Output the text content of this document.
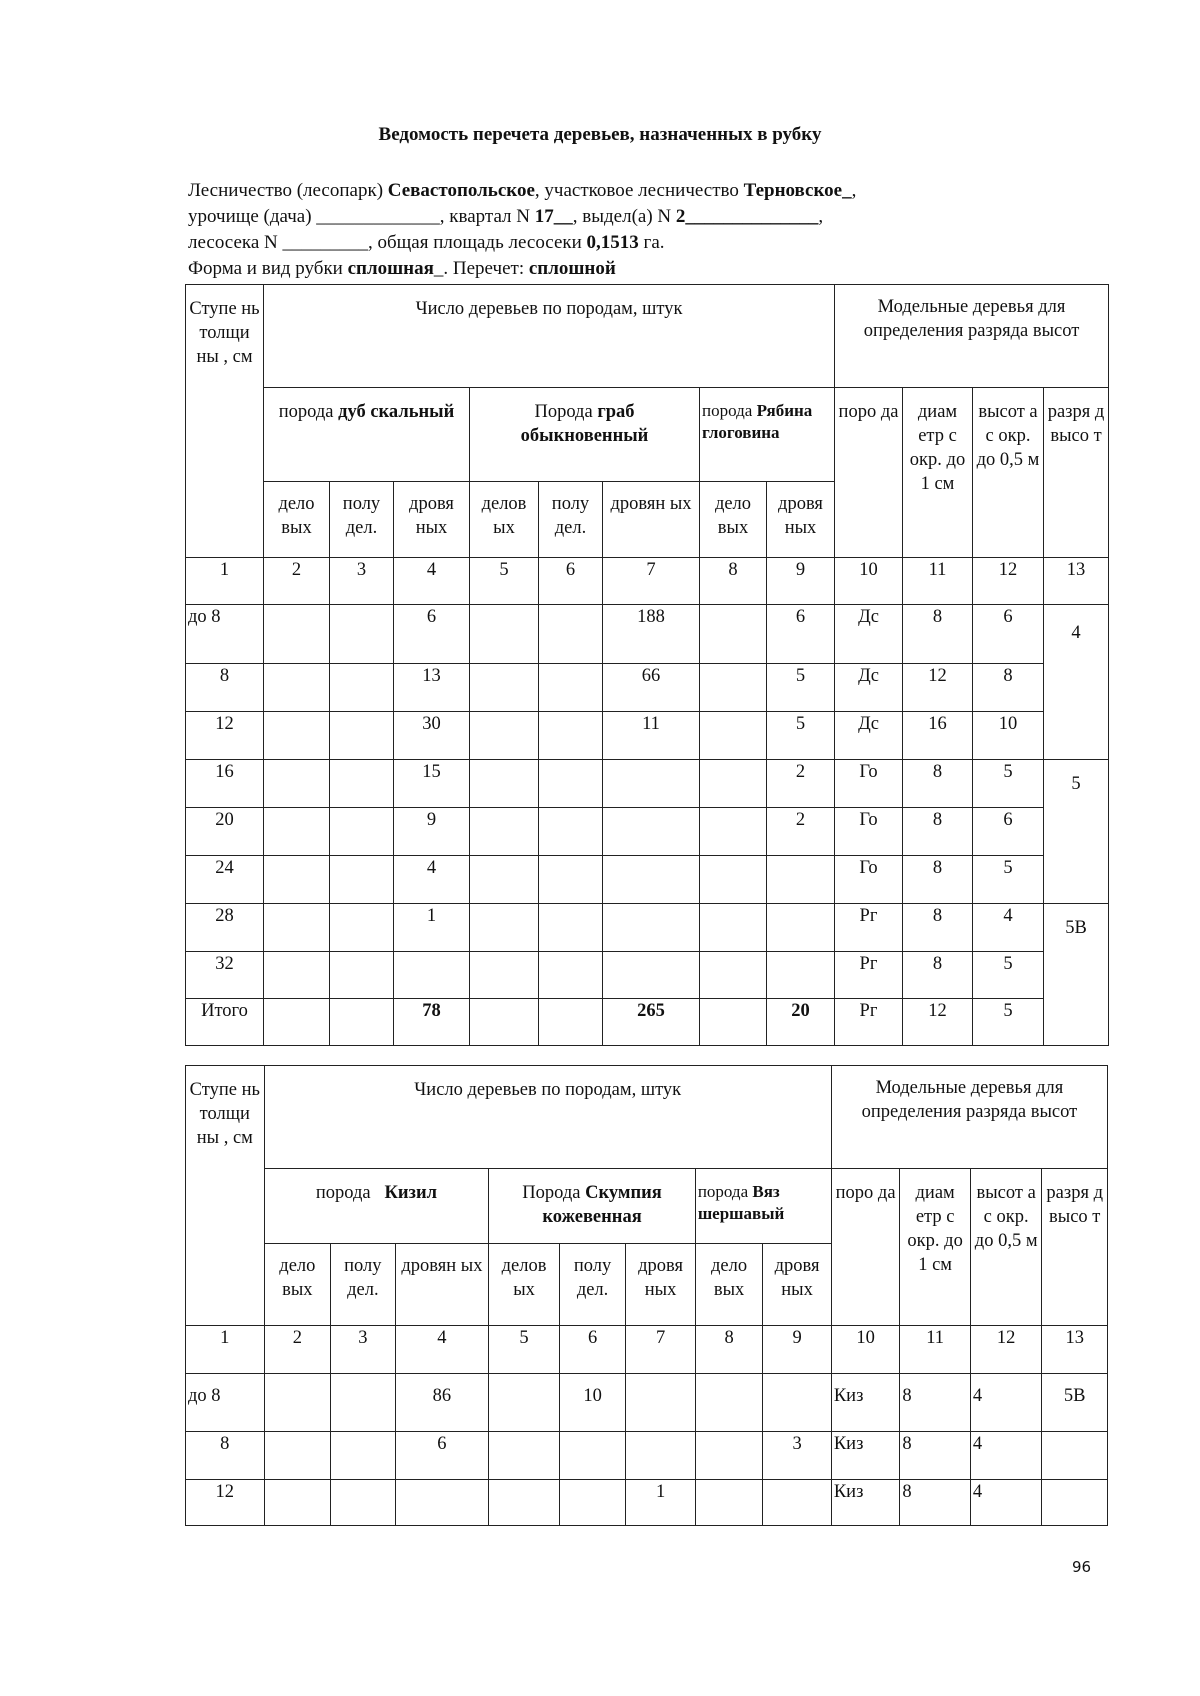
Ведомость перечета деревьев, назначенных в рубку
Лесничество (лесопарк) Севастопольское, участковое лесничество Терновское_,
урочище (дача) _____________, квартал N 17__, выдел(а) N 2______________,
лесосека N _________, общая площадь лесосеки 0,1513 га.
Форма и вид рубки сплошная_. Перечет: сплошной
Ступе нь толщи ны , см	Число деревьев по породам, штук								Модельные деревья для определения разряда высот			
	порода дуб скальный			Порода граб обыкновенный			порода Рябина глоговина		поро да	диам етр с окр. до 1 см	высот а с окр. до 0,5 м	разря д высо т
	дело вых	полу дел.	дровя ных	делов ых	полу дел.	дровян ых	дело вых	дровя ных				
1	2	3	4	5	6	7	8	9	10	11	12	13
до 8			6			188		6	Дс	8	6	4
8			13			66		5	Дс	12	8	
12			30			11		5	Дс	16	10	
16			15					2	Го	8	5	5
20			9					2	Го	8	6	
24			4						Го	8	5	
28			1						Рг	8	4	5В
32									Рг	8	5	
Итого			78			265		20	Рг	12	5	
Ступе нь толщи ны , см	Число деревьев по породам, штук								Модельные деревья для определения разряда высот			
	порода   Кизил			Порода Скумпия кожевенная			порода Вяз шершавый		поро да	диам етр с окр. до 1 см	высот а с окр. до 0,5 м	разря д высо т
	дело вых	полу дел.	дровян ых	делов ых	полу дел.	дровя ных	дело вых	дровя ных				
1	2	3	4	5	6	7	8	9	10	11	12	13
до 8			86		10				Киз	8	4	5В
8			6					3	Киз	8	4	
12						1			Киз	8	4	
96
